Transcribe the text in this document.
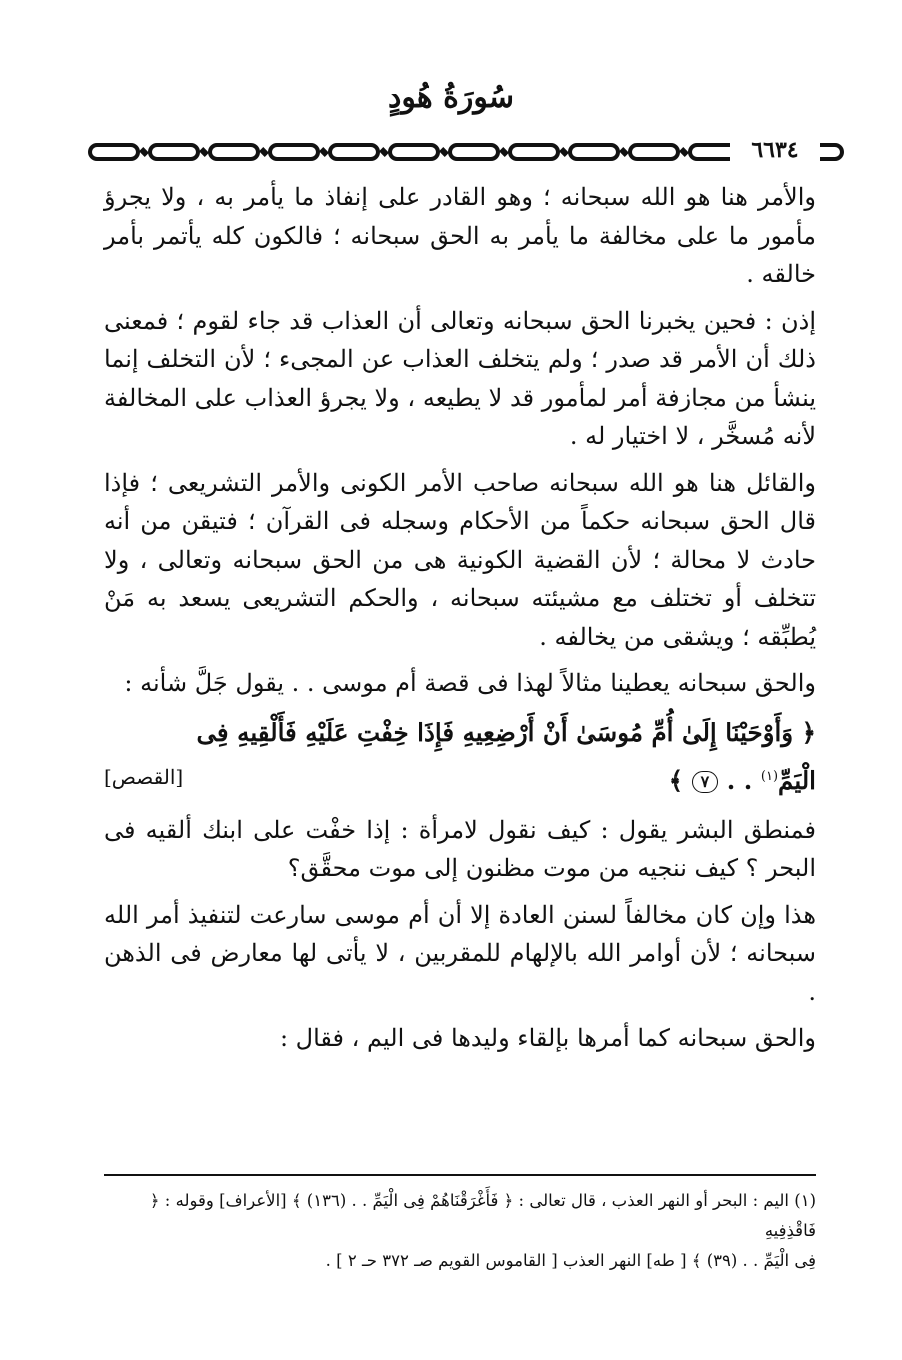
سُورَةُ هُودٍ
٦٦٣٤

والأمر هنا هو الله سبحانه ؛ وهو القادر على إنفاذ ما يأمر به ، ولا يجرؤ مأمور ما على مخالفة ما يأمر به الحق سبحانه ؛ فالكون كله يأتمر بأمر خالقه .

إذن : فحين يخبرنا الحق سبحانه وتعالى أن العذاب قد جاء لقوم ؛ فمعنى ذلك أن الأمر قد صدر ؛ ولم يتخلف العذاب عن المجىء ؛ لأن التخلف إنما ينشأ من مجازفة أمر لمأمور قد لا يطيعه ، ولا يجرؤ العذاب على المخالفة لأنه مُسخَّر ، لا اختيار له .

والقائل هنا هو الله سبحانه صاحب الأمر الكونى والأمر التشريعى ؛ فإذا قال الحق سبحانه حكماً من الأحكام وسجله فى القرآن ؛ فتيقن من أنه حادث لا محالة ؛ لأن القضية الكونية هى من الحق سبحانه وتعالى ، ولا تتخلف أو تختلف مع مشيئته سبحانه ، والحكم التشريعى يسعد به مَنْ يُطبِّقه ؛ ويشقى من يخالفه .

والحق سبحانه يعطينا مثالاً لهذا فى قصة أم موسى . . يقول جَلَّ شأنه :

﴿ وَأَوْحَيْنَا إِلَىٰ أُمِّ مُوسَىٰ أَنْ أَرْضِعِيهِ فَإِذَا خِفْتِ عَلَيْهِ فَأَلْقِيهِ فِى
الْيَمِّ$^{(١)}$ . . ٧ ﴾
[القصص]

فمنطق البشر يقول : كيف نقول لامرأة : إذا خفْت على ابنك ألقيه فى البحر ؟ كيف ننجيه من موت مظنون إلى موت محقَّق؟

هذا وإن كان مخالفاً لسنن العادة إلا أن أم موسى سارعت لتنفيذ أمر الله سبحانه ؛ لأن أوامر الله بالإلهام للمقربين ، لا يأتى لها معارض فى الذهن .

والحق سبحانه كما أمرها بإلقاء وليدها فى اليم ، فقال :

(١) اليم : البحر أو النهر العذب ، قال تعالى : ﴿ فَأَغْرَقْنَاهُمْ فِى الْيَمِّ . . (١٣٦) ﴾ [الأعراف] وقوله : ﴿ فَاقْذِفِيهِ

فِى الْيَمِّ . . (٣٩) ﴾ [ طه] النهر العذب [ القاموس القويم صـ ٣٧٢ حـ ٢ ] .
